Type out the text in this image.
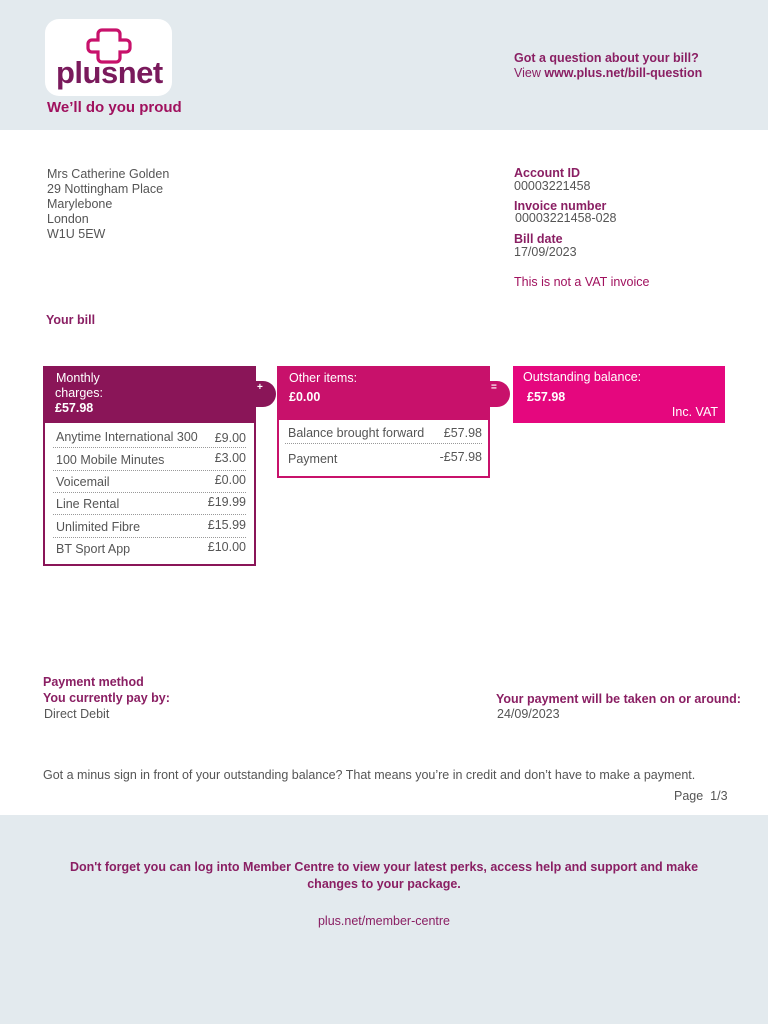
plusnet
We’ll do you proud
Got a question about your bill?
View www.plus.net/bill-question
Mrs Catherine Golden
29 Nottingham Place
Marylebone
London
W1U 5EW
Account ID
00003221458
Invoice number
00003221458-028
Bill date
17/09/2023
This is not a VAT invoice
Your bill
Monthly
charges:
£57.98
+
Anytime International 300 £9.00
100 Mobile Minutes	£3.00
Voicemail	£0.00
Line Rental	£19.99
Unlimited Fibre	£15.99
BT Sport App	£10.00
Other items:
£0.00
=
Balance brought forward £57.98
Payment	-£57.98
Outstanding balance:
£57.98
Inc. VAT
Payment method
You currently pay by:
Direct Debit
Your payment will be taken on or around:
24/09/2023
Got a minus sign in front of your outstanding balance? That means you’re in credit and don’t have to make a payment.
Page 1/3
Don't forget you can log into Member Centre to view your latest perks, access help and support and make changes to your package.
plus.net/member-centre
